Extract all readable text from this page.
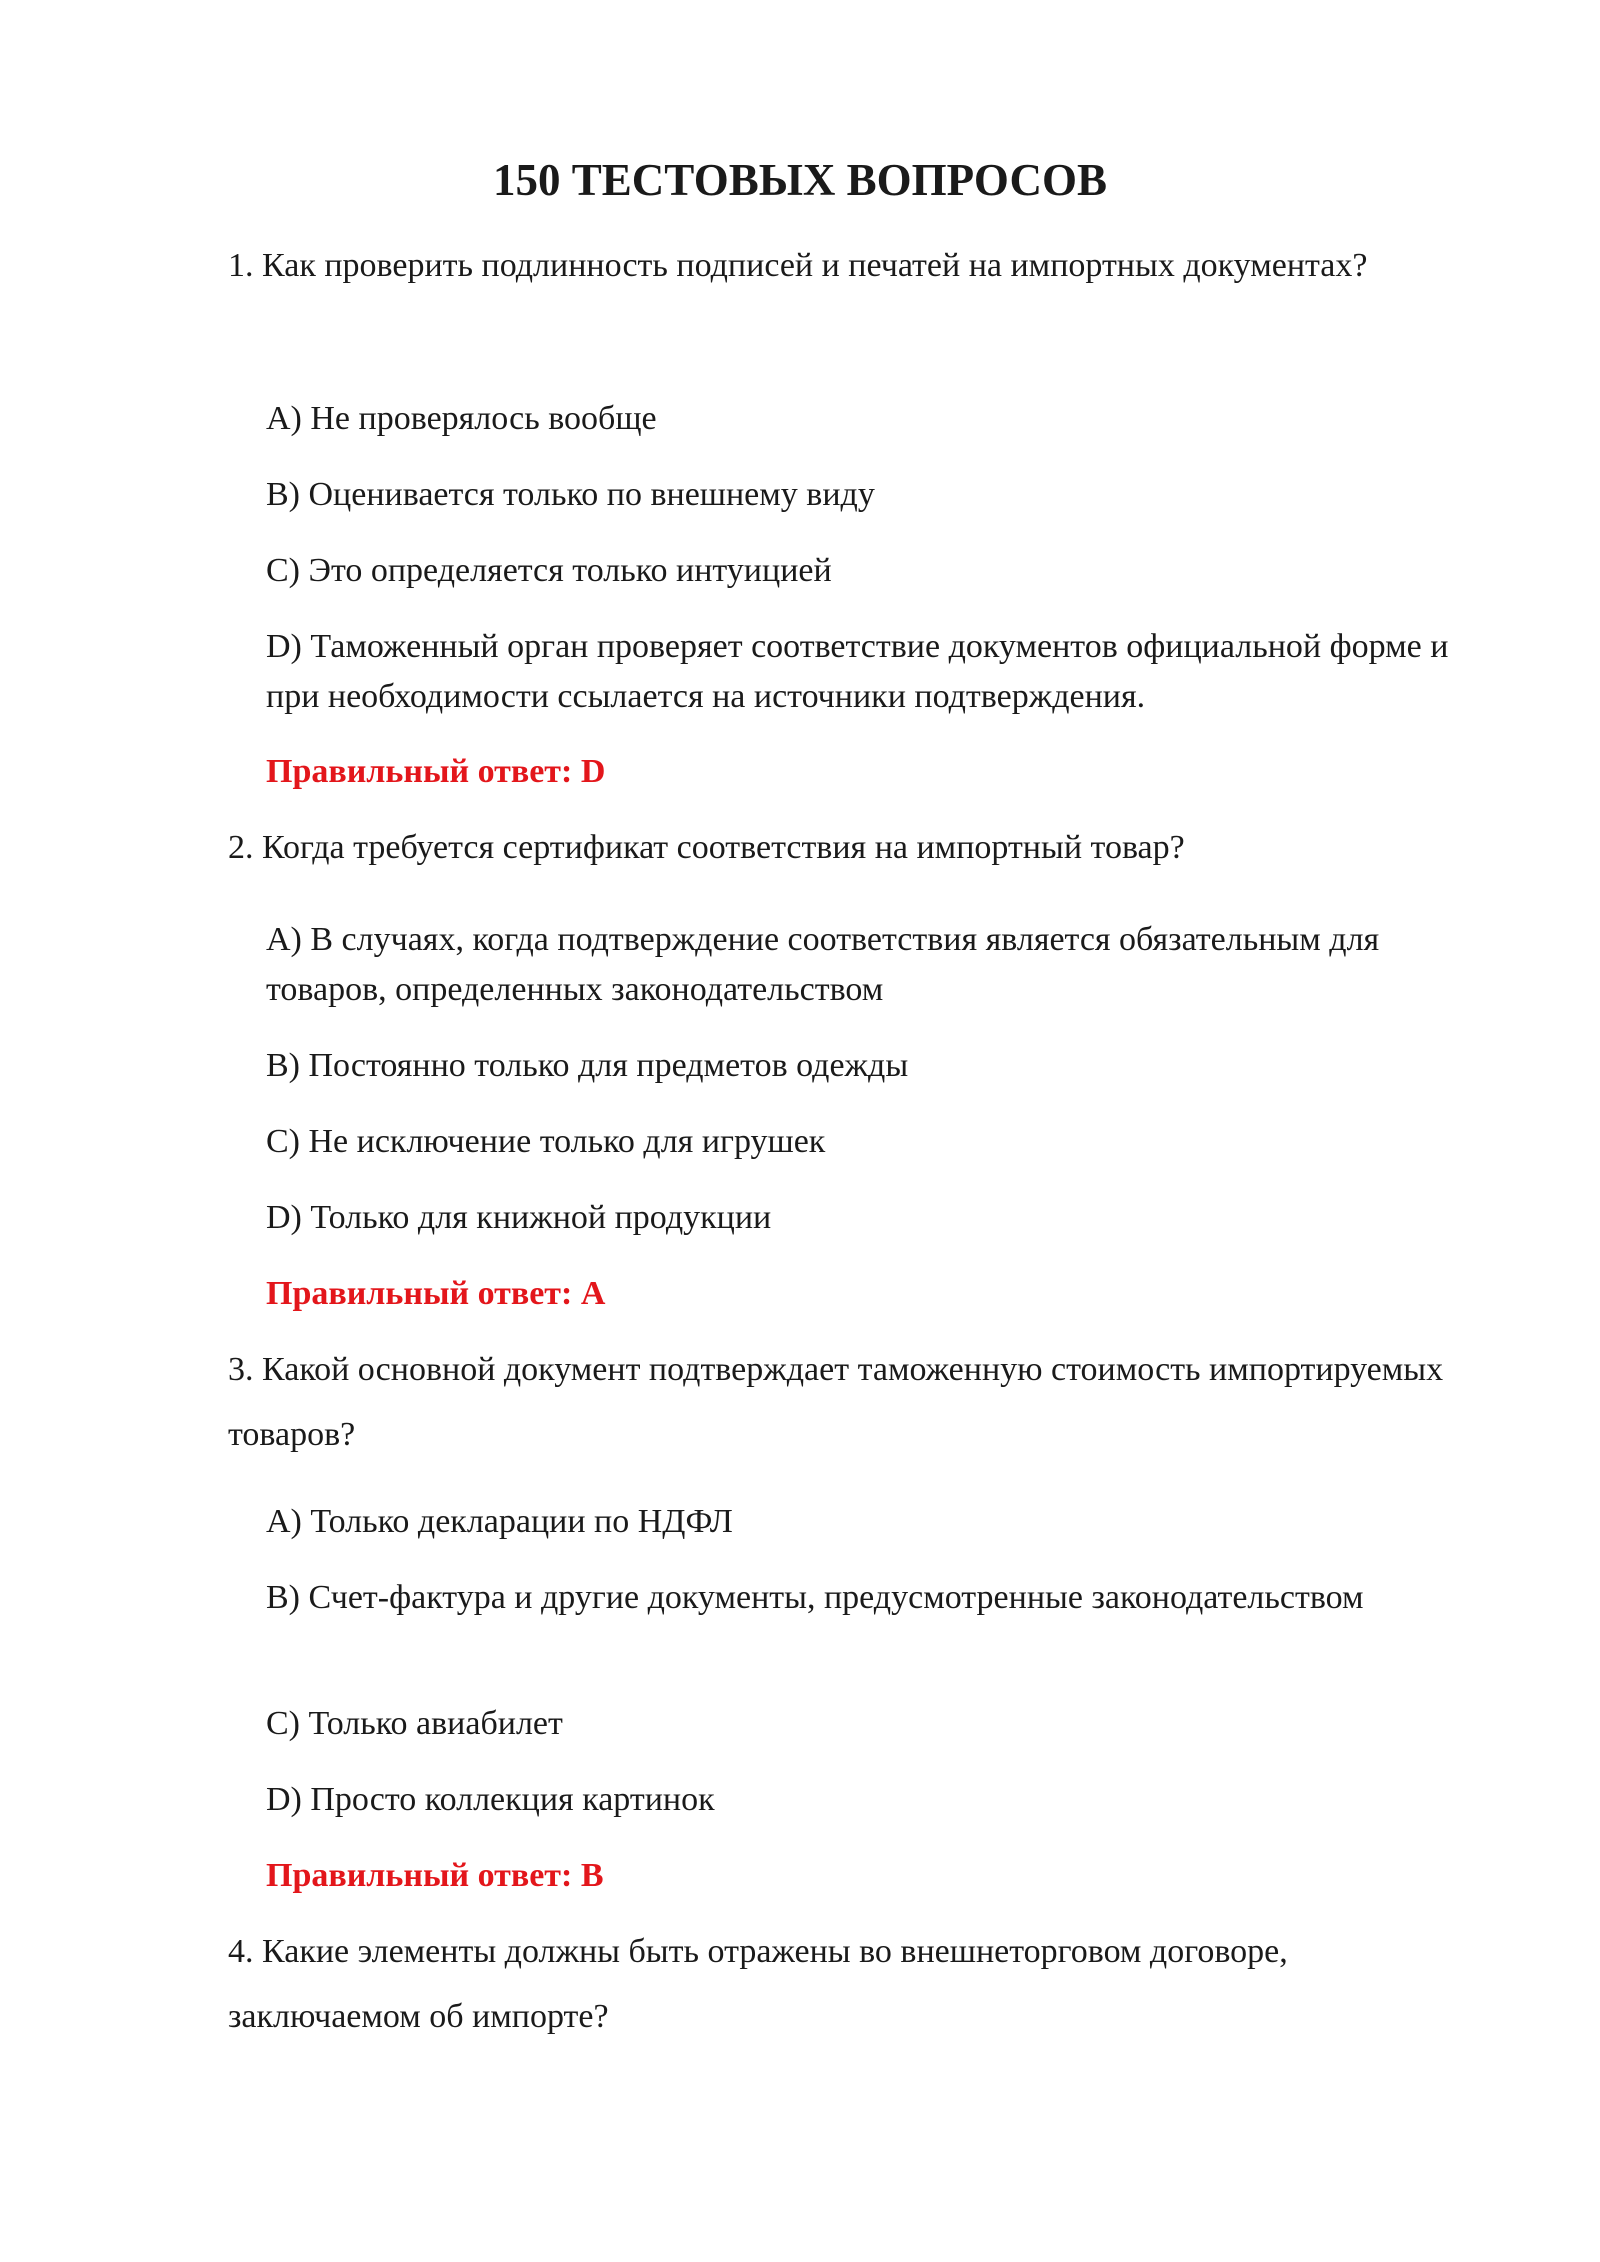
150 ТЕСТОВЫХ ВОПРОСОВ

1. Как проверить подлинность подписей и печатей на импортных документах?

A) Не проверялось вообще

B) Оценивается только по внешнему виду

C) Это определяется только интуицией

D) Таможенный орган проверяет соответствие документов официальной форме и при необходимости ссылается на источники подтверждения.

Правильный ответ: D

2. Когда требуется сертификат соответствия на импортный товар?

A) В случаях, когда подтверждение соответствия является обязательным для товаров, определенных законодательством

B) Постоянно только для предметов одежды

C) Не исключение только для игрушек

D) Только для книжной продукции

Правильный ответ: A

3. Какой основной документ подтверждает таможенную стоимость импортируемых товаров?

A) Только декларации по НДФЛ

B) Счет-фактура и другие документы, предусмотренные законодательством

C) Только авиабилет

D) Просто коллекция картинок

Правильный ответ: B

4. Какие элементы должны быть отражены во внешнеторговом договоре, заключаемом об импорте?
